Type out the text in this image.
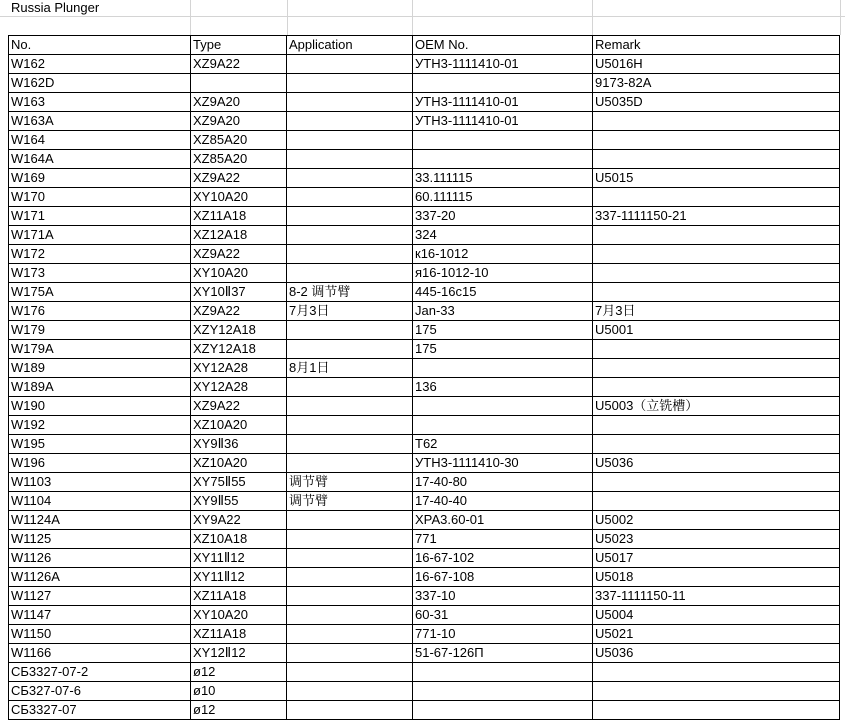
Russia Plunger
No.	Type	Application	OEM No.	Remark
W162	XZ9A22		УТН3-1111410-01	U5016H
W162D				9173-82A
W163	XZ9A20		УТН3-1111410-01	U5035D
W163A	XZ9A20		УТН3-1111410-01	
W164	XZ85A20			
W164A	XZ85A20			
W169	XZ9A22		33.111115	U5015
W170	XY10A20		60.111115	
W171	XZ11A18		337-20	337-1111150-21
W171A	XZ12A18		324	
W172	XZ9A22		к16-1012	
W173	XY10A20		я16-1012-10	
W175A	XY10Ⅱ37	8-2 调节臂	445-16с15	
W176	XZ9A22	7月3日	Jan-33	7月3日
W179	XZY12A18		175	U5001
W179A	XZY12A18		175	
W189	XY12A28	8月1日		
W189A	XY12A28		136	
W190	XZ9A22			U5003（立铣槽）
W192	XZ10A20			
W195	XY9Ⅱ36		T62	
W196	XZ10A20		УТН3-1111410-30	U5036
W1103	XY75Ⅱ55	调节臂	17-40-80	
W1104	XY9Ⅱ55	调节臂	17-40-40	
W1124A	XY9A22		ХРА3.60-01	U5002
W1125	XZ10A18		771	U5023
W1126	XY11Ⅱ12		16-67-102	U5017
W1126A	XY11Ⅱ12		16-67-108	U5018
W1127	XZ11A18		337-10	337-1111150-11
W1147	XY10A20		60-31	U5004
W1150	XZ11A18		771-10	U5021
W1166	XY12Ⅱ12		51-67-126П	U5036
СБ3327-07-2	ø12			
СБ327-07-6	ø10			
СБ3327-07	ø12			
